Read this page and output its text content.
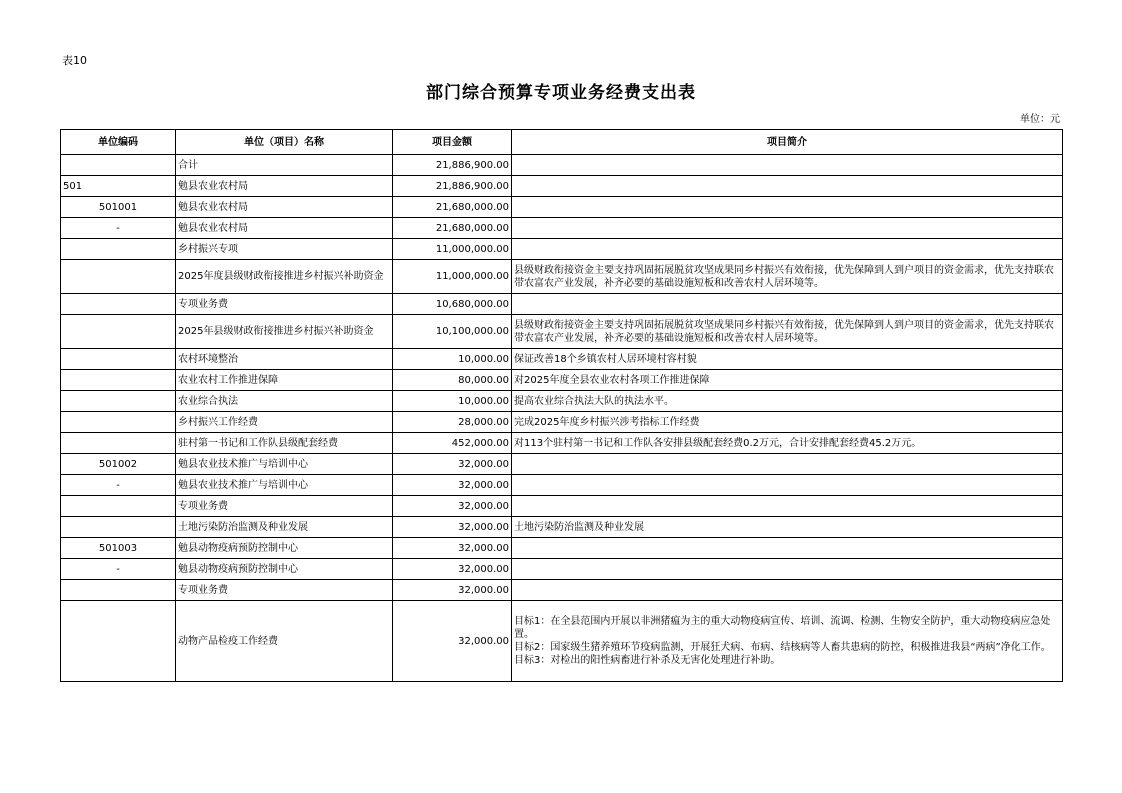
表10
部门综合预算专项业务经费支出表
单位：元
单位编码	单位（项目）名称	项目金额	项目简介
	合计	21,886,900.00	
501	勉县农业农村局	21,886,900.00	
501001	勉县农业农村局	21,680,000.00	
-	勉县农业农村局	21,680,000.00	
	乡村振兴专项	11,000,000.00	
	2025年度县级财政衔接推进乡村振兴补助资金	11,000,000.00	县级财政衔接资金主要支持巩固拓展脱贫攻坚成果同乡村振兴有效衔接，优先保障到人到户项目的资金需求，优先支持联农带农富农产业发展，补齐必要的基础设施短板和改善农村人居环境等。
	专项业务费	10,680,000.00	
	2025年县级财政衔接推进乡村振兴补助资金	10,100,000.00	县级财政衔接资金主要支持巩固拓展脱贫攻坚成果同乡村振兴有效衔接，优先保障到人到户项目的资金需求，优先支持联农带农富农产业发展，补齐必要的基础设施短板和改善农村人居环境等。
	农村环境整治	10,000.00	保证改善18个乡镇农村人居环境村容村貌
	农业农村工作推进保障	80,000.00	对2025年度全县农业农村各项工作推进保障
	农业综合执法	10,000.00	提高农业综合执法大队的执法水平。
	乡村振兴工作经费	28,000.00	完成2025年度乡村振兴涉考指标工作经费
	驻村第一书记和工作队县级配套经费	452,000.00	对113个驻村第一书记和工作队各安排县级配套经费0.2万元，合计安排配套经费45.2万元。
501002	勉县农业技术推广与培训中心	32,000.00	
-	勉县农业技术推广与培训中心	32,000.00	
	专项业务费	32,000.00	
	土地污染防治监测及种业发展	32,000.00	土地污染防治监测及种业发展
501003	勉县动物疫病预防控制中心	32,000.00	
-	勉县动物疫病预防控制中心	32,000.00	
	专项业务费	32,000.00	
	动物产品检疫工作经费	32,000.00	目标1：在全县范围内开展以非洲猪瘟为主的重大动物疫病宣传、培训、流调、检测、生物安全防护，重大动物疫病应急处置。
目标2：国家级生猪养殖环节疫病监测，开展狂犬病、布病、结核病等人畜共患病的防控，积极推进我县“两病”净化工作。
目标3：对检出的阳性病畜进行补杀及无害化处理进行补助。
